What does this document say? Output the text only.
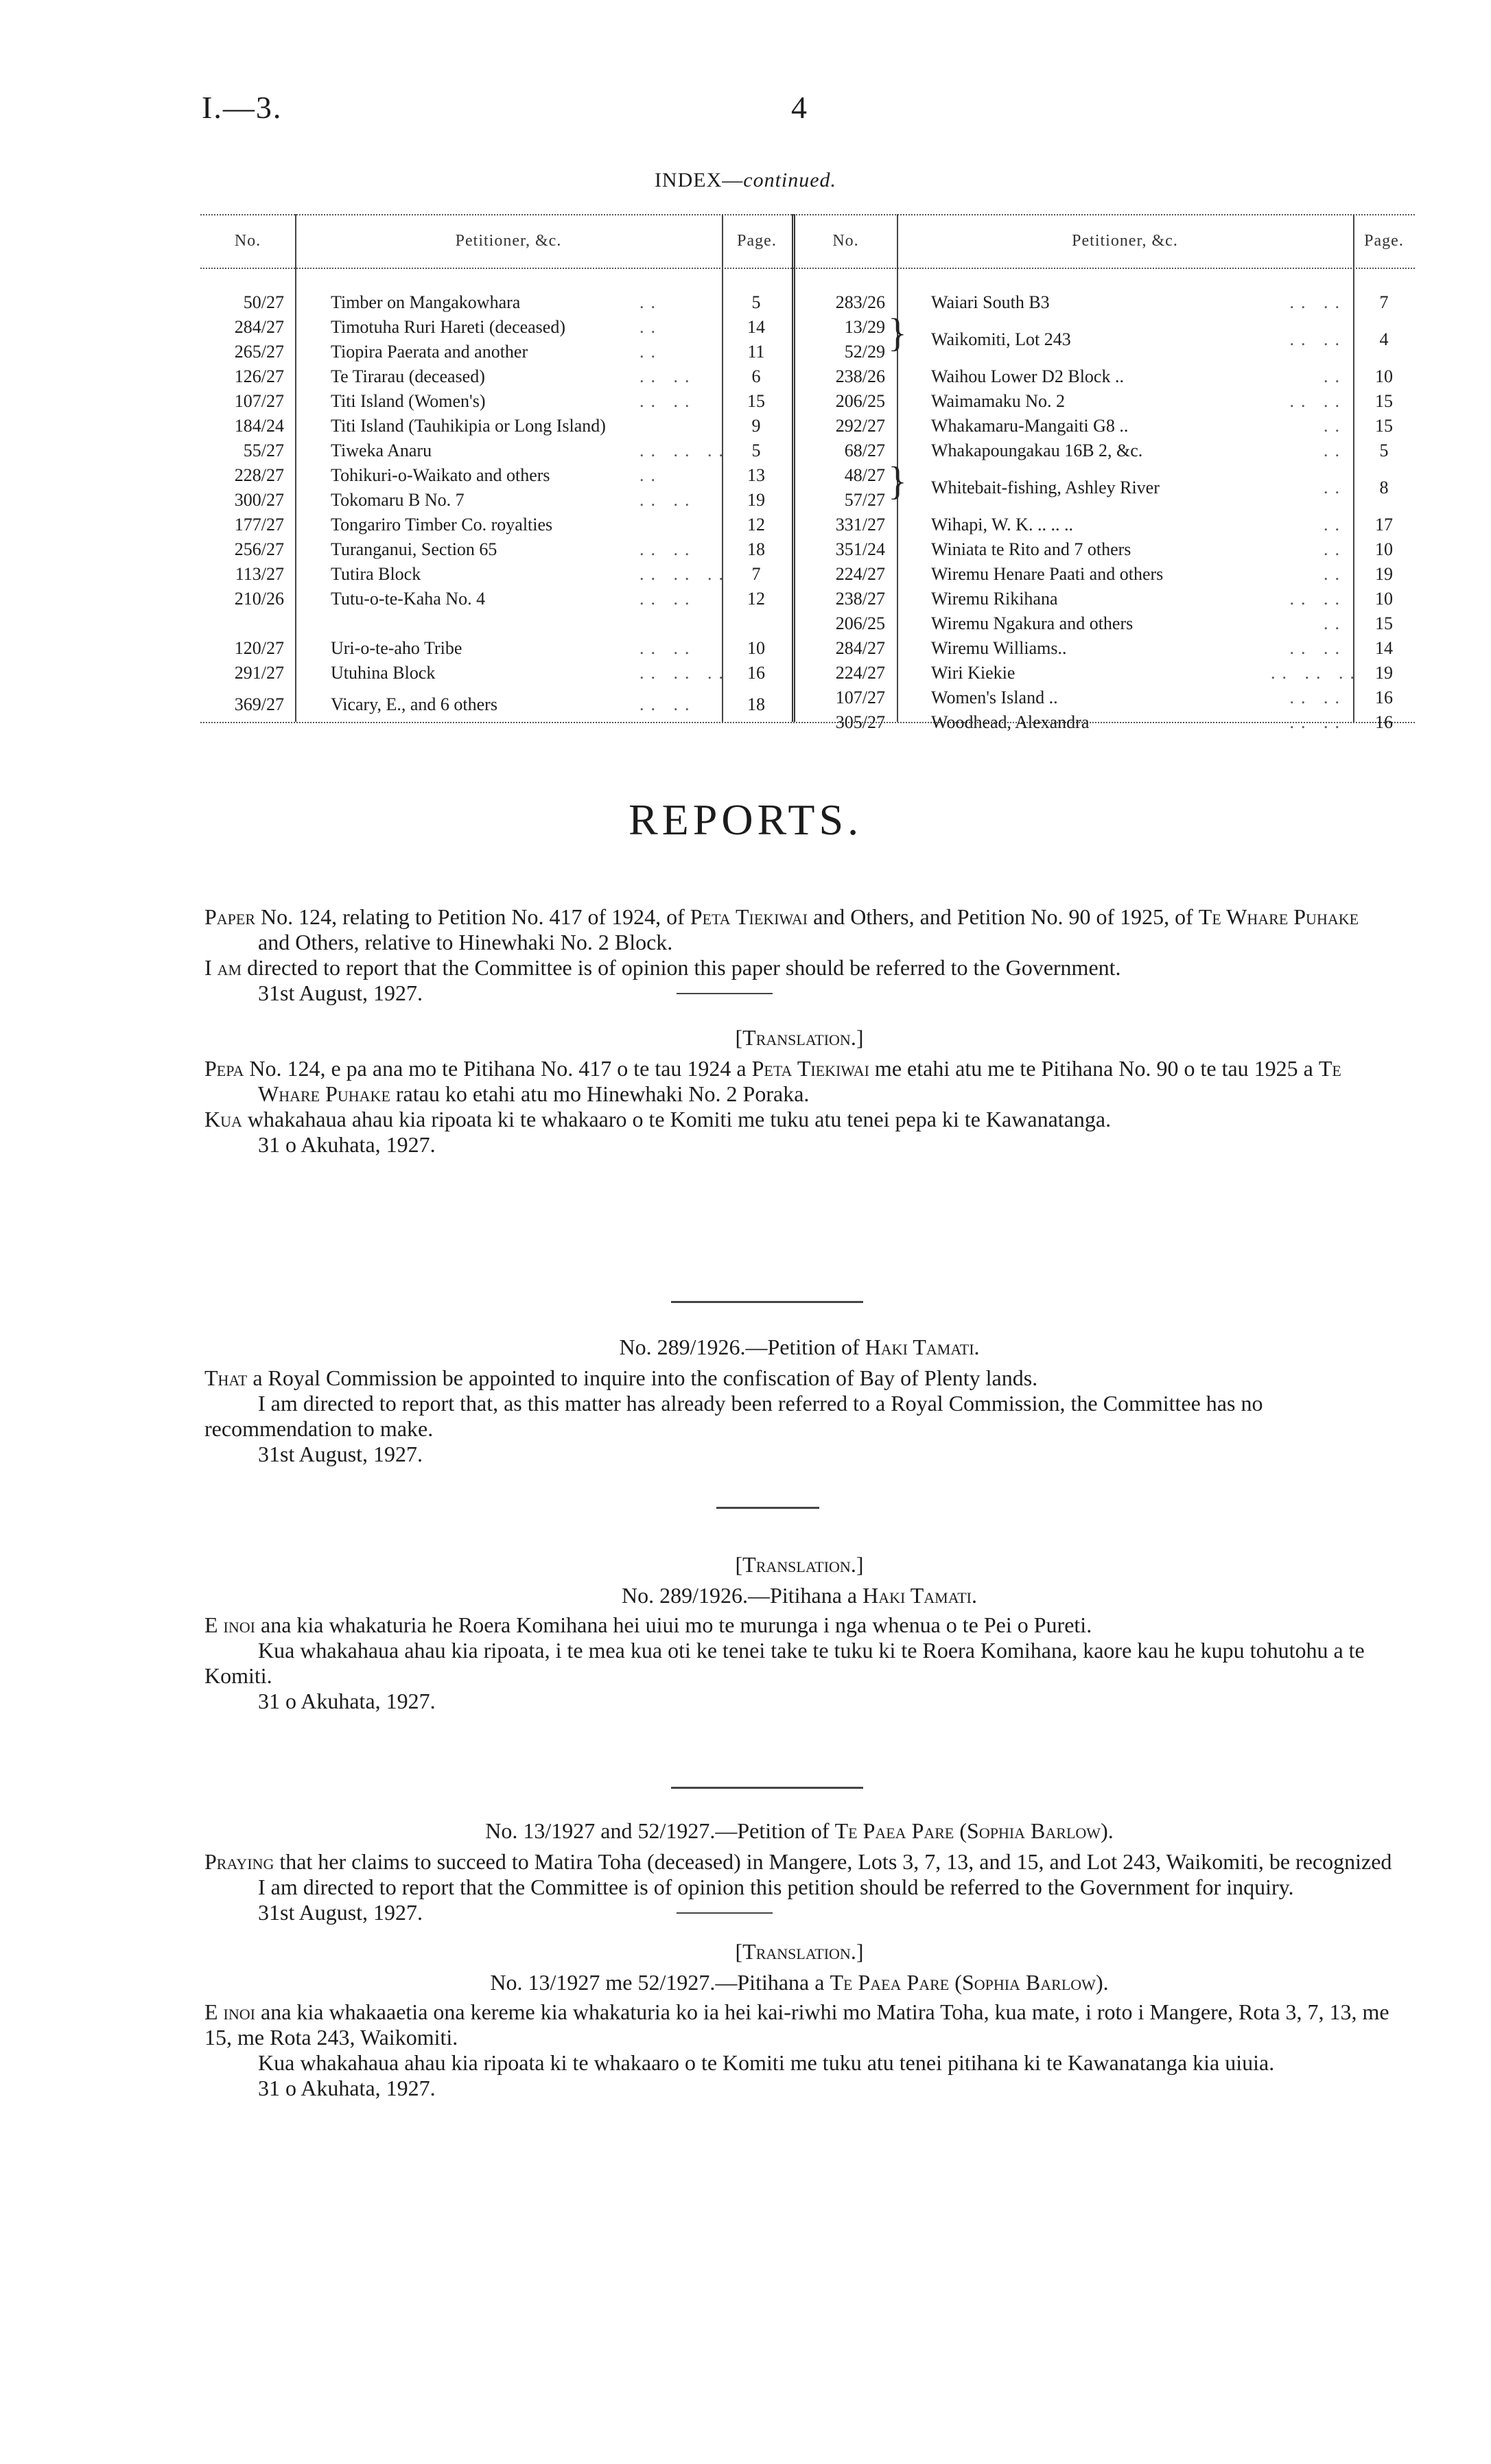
I.—3.	4
INDEX—continued.
No.	Petitioner, &c.	Page.	No.	Petitioner, &c.	Page.
50/27	Timber on Mangakowhara	..	5
284/27	Timotuha Ruri Hareti (deceased)	..	14
265/27	Tiopira Paerata and another	..	11
126/27	Te Tirarau (deceased)	.. ..	6
107/27	Titi Island (Women's)	.. ..	15
184/24	Titi Island (Tauhikipia or Long Island)	9
55/27	Tiweka Anaru	.. .. ..	5
228/27	Tohikuri-o-Waikato and others	..	13
300/27	Tokomaru B No. 7	.. ..	19
177/27	Tongariro Timber Co. royalties	12
256/27	Turanganui, Section 65	.. ..	18
113/27	Tutira Block	.. .. ..	7
210/26	Tutu-o-te-Kaha No. 4	.. ..	12
120/27	Uri-o-te-aho Tribe	.. ..	10
291/27	Utuhina Block	.. .. .. 16
369/27	Vicary, E., and 6 others	.. ..	18
283/26	Waiari South B3	.. ..	7
13/29
52/29 } Waikomiti, Lot 243	.. ..	4
238/26	Waihou Lower D2 Block ..	..	10
206/25	Waimamaku No. 2	.. ..	15
292/27	Whakamaru-Mangaiti G8 ..	..	15
68/27	Whakapoungakau 16B 2, &c.	..	5
48/27
57/27 } Whitebait-fishing, Ashley River	..	8
331/27	Wihapi, W. K. .. .. ..	..	17
351/24	Winiata te Rito and 7 others	..	10
224/27	Wiremu Henare Paati and others	..	19
238/27	Wiremu Rikihana	.. ..	10
206/25	Wiremu Ngakura and others	..	15
284/27	Wiremu Williams..	.. ..	14
224/27	Wiri Kiekie	.. .. .. 19
107/27	Women's Island ..	.. ..	16
305/27	Woodhead, Alexandra	.. ..	16
REPORTS.

Paper No. 124, relating to Petition No. 417 of 1924, of Peta Tiekiwai and Others, and Petition No. 90 of 1925, of Te Whare Puhake and Others, relative to Hinewhaki No. 2 Block.

I am directed to report that the Committee is of opinion this paper should be referred to the Government.

31st August, 1927.

[Translation.]

Pepa No. 124, e pa ana mo te Pitihana No. 417 o te tau 1924 a Peta Tiekiwai me etahi atu me te Pitihana No. 90 o te tau 1925 a Te Whare Puhake ratau ko etahi atu mo Hinewhaki No. 2 Poraka.

Kua whakahaua ahau kia ripoata ki te whakaaro o te Komiti me tuku atu tenei pepa ki te Kawanatanga.

31 o Akuhata, 1927.

No. 289/1926.—Petition of Haki Tamati.

That a Royal Commission be appointed to inquire into the confiscation of Bay of Plenty lands.

I am directed to report that, as this matter has already been referred to a Royal Commission, the Committee has no recommendation to make.

31st August, 1927.

[Translation.]

No. 289/1926.—Pitihana a Haki Tamati.

E inoi ana kia whakaturia he Roera Komihana hei uiui mo te murunga i nga whenua o te Pei o Pureti.

Kua whakahaua ahau kia ripoata, i te mea kua oti ke tenei take te tuku ki te Roera Komihana, kaore kau he kupu tohutohu a te Komiti.

31 o Akuhata, 1927.

No. 13/1927 and 52/1927.—Petition of Te Paea Pare (Sophia Barlow).

Praying that her claims to succeed to Matira Toha (deceased) in Mangere, Lots 3, 7, 13, and 15, and Lot 243, Waikomiti, be recognized

I am directed to report that the Committee is of opinion this petition should be referred to the Government for inquiry.

31st August, 1927.

[Translation.]

No. 13/1927 me 52/1927.—Pitihana a Te Paea Pare (Sophia Barlow).

E inoi ana kia whakaaetia ona kereme kia whakaturia ko ia hei kai-riwhi mo Matira Toha, kua mate, i roto i Mangere, Rota 3, 7, 13, me 15, me Rota 243, Waikomiti.

Kua whakahaua ahau kia ripoata ki te whakaaro o te Komiti me tuku atu tenei pitihana ki te Kawanatanga kia uiuia.

31 o Akuhata, 1927.
